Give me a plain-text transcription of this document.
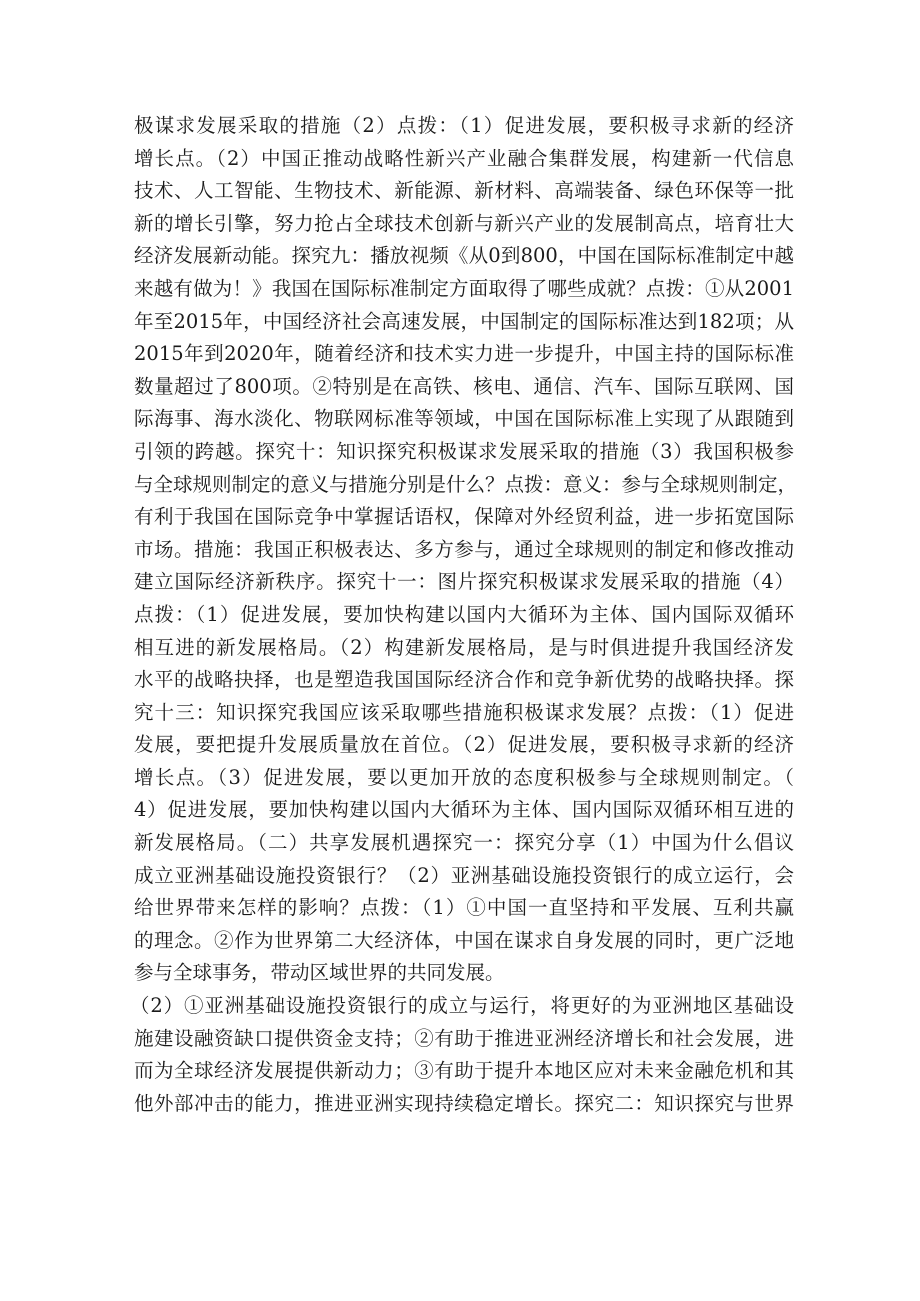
极谋求发展采取的措施（2）点拨：（1）促进发展，要积极寻求新的经济
增长点。（2）中国正推动战略性新兴产业融合集群发展，构建新一代信息
技术、人工智能、生物技术、新能源、新材料、高端装备、绿色环保等一批
新的增长引擎，努力抢占全球技术创新与新兴产业的发展制高点，培育壮大
经济发展新动能。探究九：播放视频《从0到800，中国在国际标准制定中越
来越有做为！》我国在国际标准制定方面取得了哪些成就？点拨：①从2001
年至2015年，中国经济社会高速发展，中国制定的国际标准达到182项；从
2015年到2020年，随着经济和技术实力进一步提升，中国主持的国际标准
数量超过了800项。②特别是在高铁、核电、通信、汽车、国际互联网、国
际海事、海水淡化、物联网标准等领域，中国在国际标准上实现了从跟随到
引领的跨越。探究十：知识探究积极谋求发展采取的措施（3）我国积极参
与全球规则制定的意义与措施分别是什么？点拨：意义：参与全球规则制定，
有利于我国在国际竞争中掌握话语权，保障对外经贸利益，进一步拓宽国际
市场。措施：我国正积极表达、多方参与，通过全球规则的制定和修改推动
建立国际经济新秩序。探究十一：图片探究积极谋求发展采取的措施（4）
点拨：（1）促进发展，要加快构建以国内大循环为主体、国内国际双循环
相互进的新发展格局。（2）构建新发展格局，是与时俱进提升我国经济发
水平的战略抉择，也是塑造我国国际经济合作和竞争新优势的战略抉择。探
究十三：知识探究我国应该采取哪些措施积极谋求发展？点拨：（1）促进
发展，要把提升发展质量放在首位。（2）促进发展，要积极寻求新的经济
增长点。（3）促进发展，要以更加开放的态度积极参与全球规则制定。（
4）促进发展，要加快构建以国内大循环为主体、国内国际双循环相互进的
新发展格局。（二）共享发展机遇探究一：探究分享（1）中国为什么倡议
成立亚洲基础设施投资银行？（2）亚洲基础设施投资银行的成立运行，会
给世界带来怎样的影响？点拨：（1）①中国一直坚持和平发展、互利共赢
的理念。②作为世界第二大经济体，中国在谋求自身发展的同时，更广泛地
参与全球事务，带动区域世界的共同发展。
（2）①亚洲基础设施投资银行的成立与运行，将更好的为亚洲地区基础设
施建设融资缺口提供资金支持；②有助于推进亚洲经济增长和社会发展，进
而为全球经济发展提供新动力；③有助于提升本地区应对未来金融危机和其
他外部冲击的能力，推进亚洲实现持续稳定增长。探究二：知识探究与世界
